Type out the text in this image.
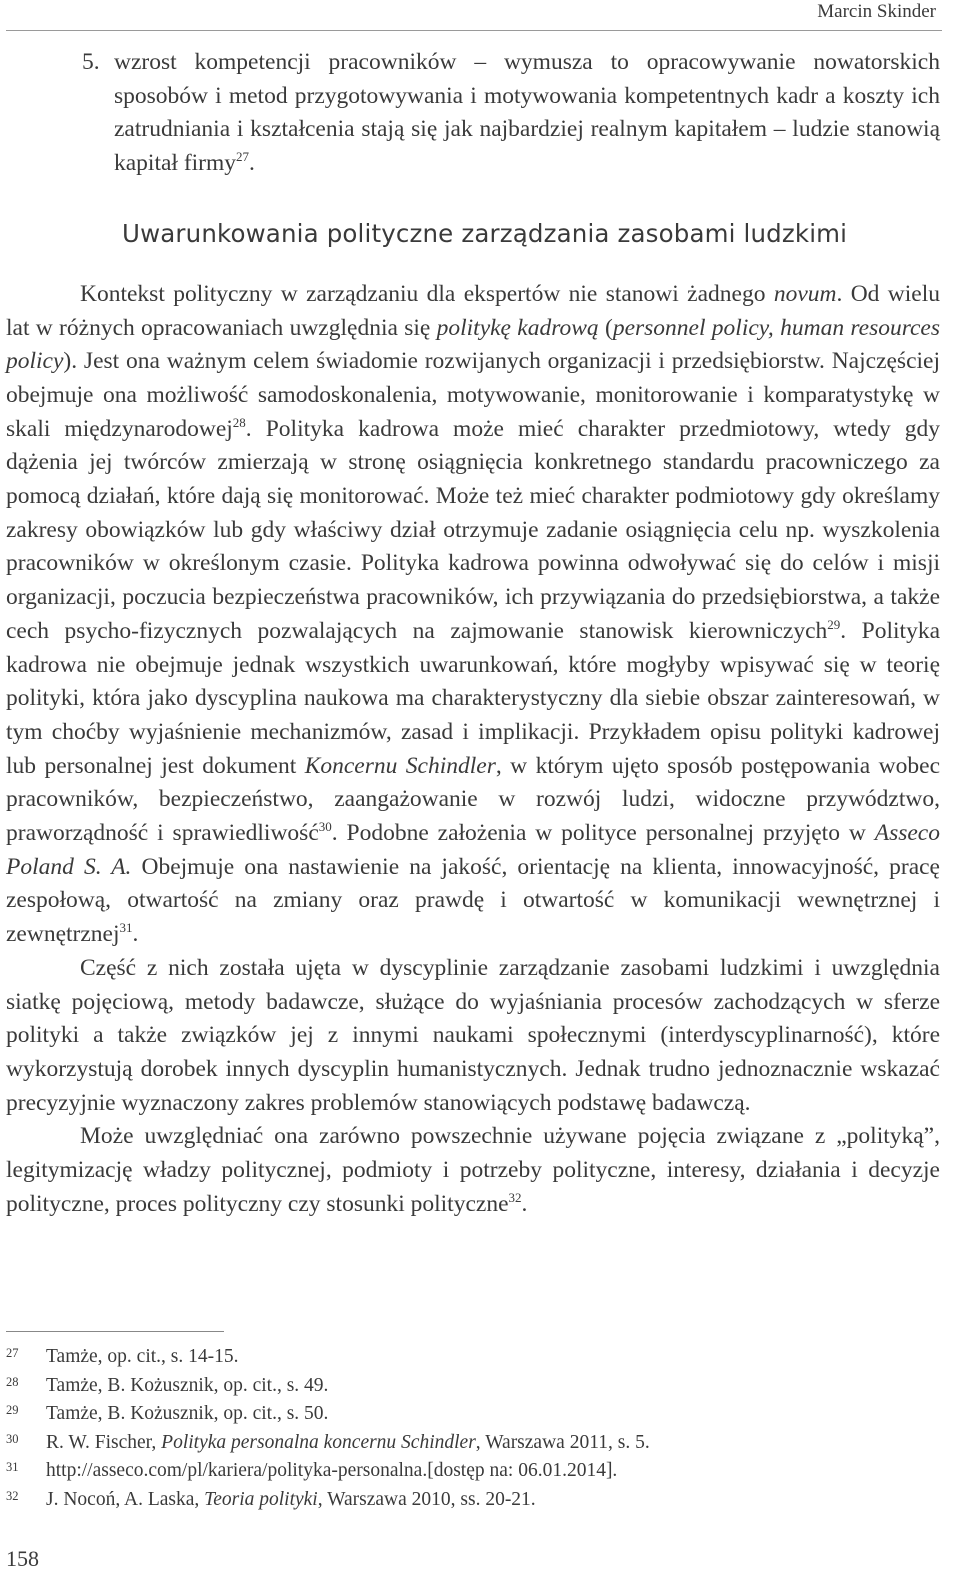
Marcin Skinder

5. wzrost kompetencji pracowników – wymusza to opracowywanie nowatorskich sposobów i metod przygotowywania i motywowania kompetentnych kadr a koszty ich zatrudniania i kształcenia stają się jak najbardziej realnym kapitałem – ludzie stanowią kapitał firmy$^{27}$.

Uwarunkowania polityczne zarządzania zasobami ludzkimi

Kontekst polityczny w zarządzaniu dla ekspertów nie stanowi żadnego novum. Od wielu lat w różnych opracowaniach uwzględnia się politykę kadrową (personnel policy, human resources policy). Jest ona ważnym celem świadomie rozwijanych organizacji i przedsiębiorstw. Najczęściej obejmuje ona możliwość samodoskonalenia, motywowanie, monitorowanie i komparatystykę w skali międzynarodowej$^{28}$. Polityka kadrowa może mieć charakter przedmiotowy, wtedy gdy dążenia jej twórców zmierzają w stronę osiągnięcia konkretnego standardu pracowniczego za pomocą działań, które dają się monitorować. Może też mieć charakter podmiotowy gdy określamy zakresy obowiązków lub gdy właściwy dział otrzymuje zadanie osiągnięcia celu np. wyszkolenia pracowników w określonym czasie. Polityka kadrowa powinna odwoływać się do celów i misji organizacji, poczucia bezpieczeństwa pracowników, ich przywiązania do przedsiębiorstwa, a także cech psycho-fizycznych pozwalających na zajmowanie stanowisk kierowniczych$^{29}$. Polityka kadrowa nie obejmuje jednak wszystkich uwarunkowań, które mogłyby wpisywać się w teorię polityki, która jako dyscyplina naukowa ma charakterystyczny dla siebie obszar zainteresowań, w tym choćby wyjaśnienie mechanizmów, zasad i implikacji. Przykładem opisu polityki kadrowej lub personalnej jest dokument Koncernu Schindler, w którym ujęto sposób postępowania wobec pracowników, bezpieczeństwo, zaangażowanie w rozwój ludzi, widoczne przywództwo, praworządność i sprawiedliwość$^{30}$. Podobne założenia w polityce personalnej przyjęto w Asseco Poland S. A. Obejmuje ona nastawienie na jakość, orientację na klienta, innowacyjność, pracę zespołową, otwartość na zmiany oraz prawdę i otwartość w komunikacji wewnętrznej i zewnętrznej$^{31}$.

Część z nich została ujęta w dyscyplinie zarządzanie zasobami ludzkimi i uwzględnia siatkę pojęciową, metody badawcze, służące do wyjaśniania procesów zachodzących w sferze polityki a także związków jej z innymi naukami społecznymi (interdyscyplinarność), które wykorzystują dorobek innych dyscyplin humanistycznych. Jednak trudno jednoznacznie wskazać precyzyjnie wyznaczony zakres problemów stanowiących podstawę badawczą.

Może uwzględniać ona zarówno powszechnie używane pojęcia związane z „polityką”, legitymizację władzy politycznej, podmioty i potrzeby polityczne, interesy, działania i decyzje polityczne, proces polityczny czy stosunki polityczne$^{32}$.

27	Tamże, op. cit., s. 14-15.
28	Tamże, B. Kożusznik, op. cit., s. 49.
29	Tamże, B. Kożusznik, op. cit., s. 50.
30	R. W. Fischer, Polityka personalna koncernu Schindler, Warszawa 2011, s. 5.
31	http://asseco.com/pl/kariera/polityka-personalna.[dostęp na: 06.01.2014].
32	J. Nocoń, A. Laska, Teoria polityki, Warszawa 2010, ss. 20-21.
158
